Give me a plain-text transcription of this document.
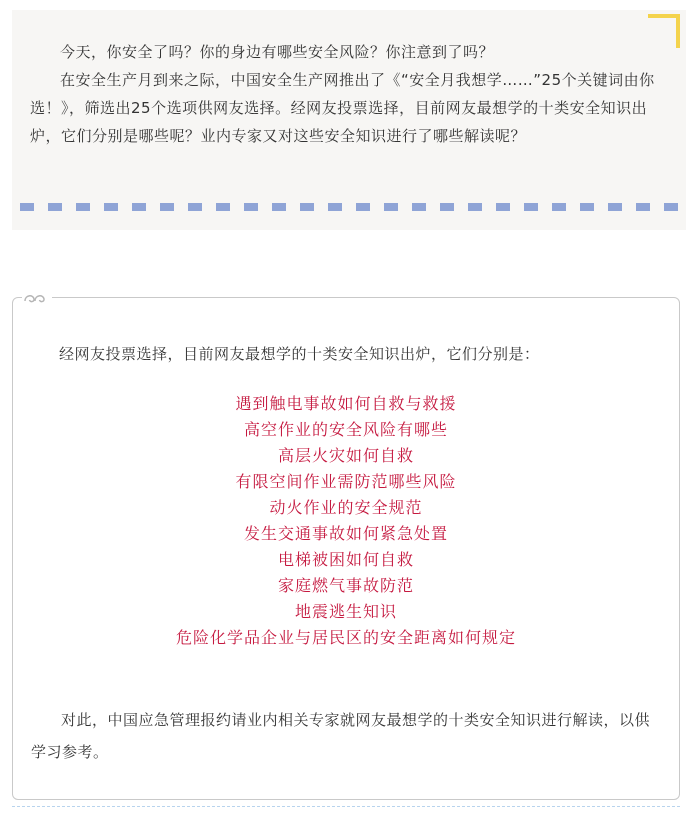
今天，你安全了吗？你的身边有哪些安全风险？你注意到了吗？

在安全生产月到来之际，中国安全生产网推出了《“安全月我想学……”25个关键词由你选！》，筛选出25个选项供网友选择。经网友投票选择，目前网友最想学的十类安全知识出炉，它们分别是哪些呢？业内专家又对这些安全知识进行了哪些解读呢？

经网友投票选择，目前网友最想学的十类安全知识出炉，它们分别是：

遇到触电事故如何自救与救援
高空作业的安全风险有哪些
高层火灾如何自救
有限空间作业需防范哪些风险
动火作业的安全规范
发生交通事故如何紧急处置
电梯被困如何自救
家庭燃气事故防范
地震逃生知识
危险化学品企业与居民区的安全距离如何规定

对此，中国应急管理报约请业内相关专家就网友最想学的十类安全知识进行解读，以供学习参考。
